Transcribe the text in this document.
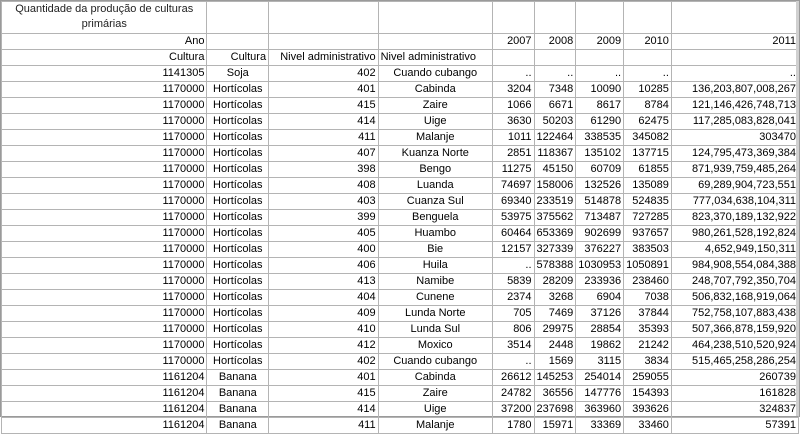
Quantidade da produção de culturas primárias								
Ano				2007	2008	2009	2010	2011
Cultura	Cultura	Nivel administrativo	Nivel administrativo					
1141305	Soja	402	Cuando cubango	..	..	..	..	..
1170000	Hortícolas	401	Cabinda	3204	7348	10090	10285	136,203,807,008,267
1170000	Hortícolas	415	Zaire	1066	6671	8617	8784	121,146,426,748,713
1170000	Hortícolas	414	Uige	3630	50203	61290	62475	117,285,083,828,041
1170000	Hortícolas	411	Malanje	1011	122464	338535	345082	303470
1170000	Hortícolas	407	Kuanza Norte	2851	118367	135102	137715	124,795,473,369,384
1170000	Hortícolas	398	Bengo	11275	45150	60709	61855	871,939,759,485,264
1170000	Hortícolas	408	Luanda	74697	158006	132526	135089	69,289,904,723,551
1170000	Hortícolas	403	Cuanza Sul	69340	233519	514878	524835	777,034,638,104,311
1170000	Hortícolas	399	Benguela	53975	375562	713487	727285	823,370,189,132,922
1170000	Hortícolas	405	Huambo	60464	653369	902699	937657	980,261,528,192,824
1170000	Hortícolas	400	Bie	12157	327339	376227	383503	4,652,949,150,311
1170000	Hortícolas	406	Huila	..	578388	1030953	1050891	984,908,554,084,388
1170000	Hortícolas	413	Namibe	5839	28209	233936	238460	248,707,792,350,704
1170000	Hortícolas	404	Cunene	2374	3268	6904	7038	506,832,168,919,064
1170000	Hortícolas	409	Lunda Norte	705	7469	37126	37844	752,758,107,883,438
1170000	Hortícolas	410	Lunda Sul	806	29975	28854	35393	507,366,878,159,920
1170000	Hortícolas	412	Moxico	3514	2448	19862	21242	464,238,510,520,924
1170000	Hortícolas	402	Cuando cubango	..	1569	3115	3834	515,465,258,286,254
1161204	Banana	401	Cabinda	26612	145253	254014	259055	260739
1161204	Banana	415	Zaire	24782	36556	147776	154393	161828
1161204	Banana	414	Uige	37200	237698	363960	393626	324837
1161204	Banana	411	Malanje	1780	15971	33369	33460	57391
